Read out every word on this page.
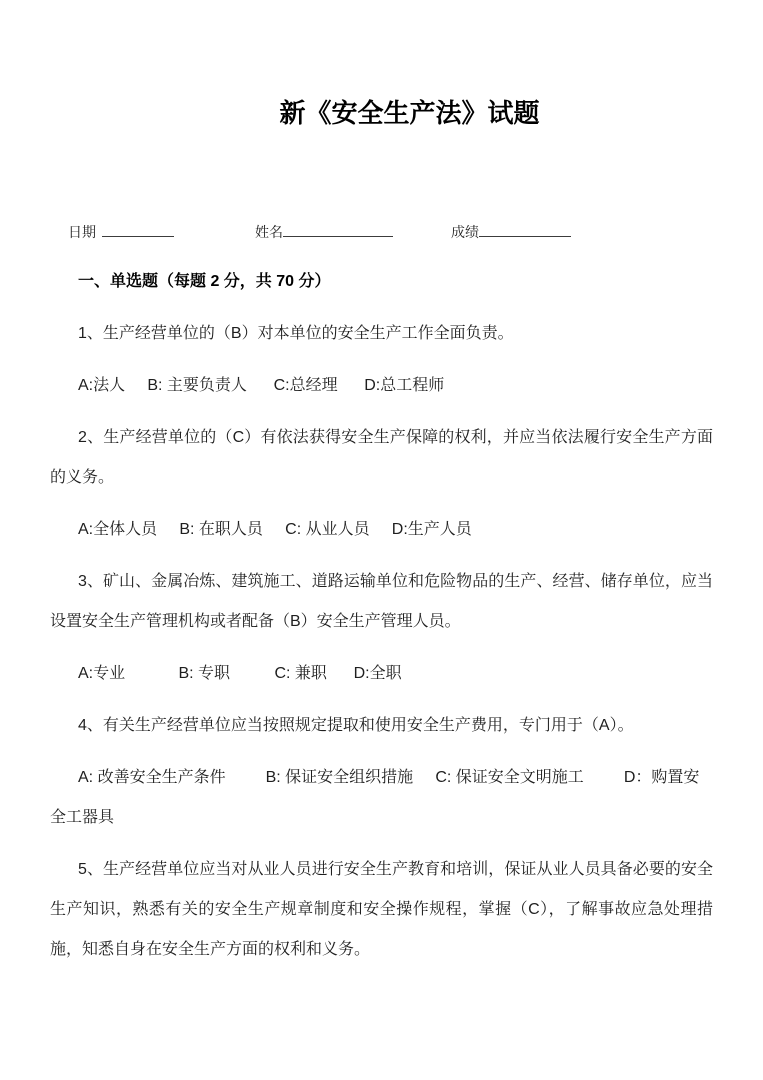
新《安全生产法》试题
日期	姓名	成绩
一、单选题（每题 2 分，共 70 分）

1、生产经营单位的（B）对本单位的安全生产工作全面负责。

A:法人     B: 主要负责人      C:总经理      D:总工程师

2、生产经营单位的（C）有依法获得安全生产保障的权利，并应当依法履行安全生产方面的义务。

A:全体人员     B: 在职人员     C: 从业人员     D:生产人员

3、矿山、金属冶炼、建筑施工、道路运输单位和危险物品的生产、经营、储存单位，应当设置安全生产管理机构或者配备（B）安全生产管理人员。

A:专业            B: 专职          C: 兼职      D:全职

4、有关生产经营单位应当按照规定提取和使用安全生产费用，专门用于（A）。

A: 改善安全生产条件         B: 保证安全组织措施     C: 保证安全文明施工         D：购置安全工器具

5、生产经营单位应当对从业人员进行安全生产教育和培训，保证从业人员具备必要的安全生产知识，熟悉有关的安全生产规章制度和安全操作规程，掌握（C），了解事故应急处理措施，知悉自身在安全生产方面的权利和义务。
